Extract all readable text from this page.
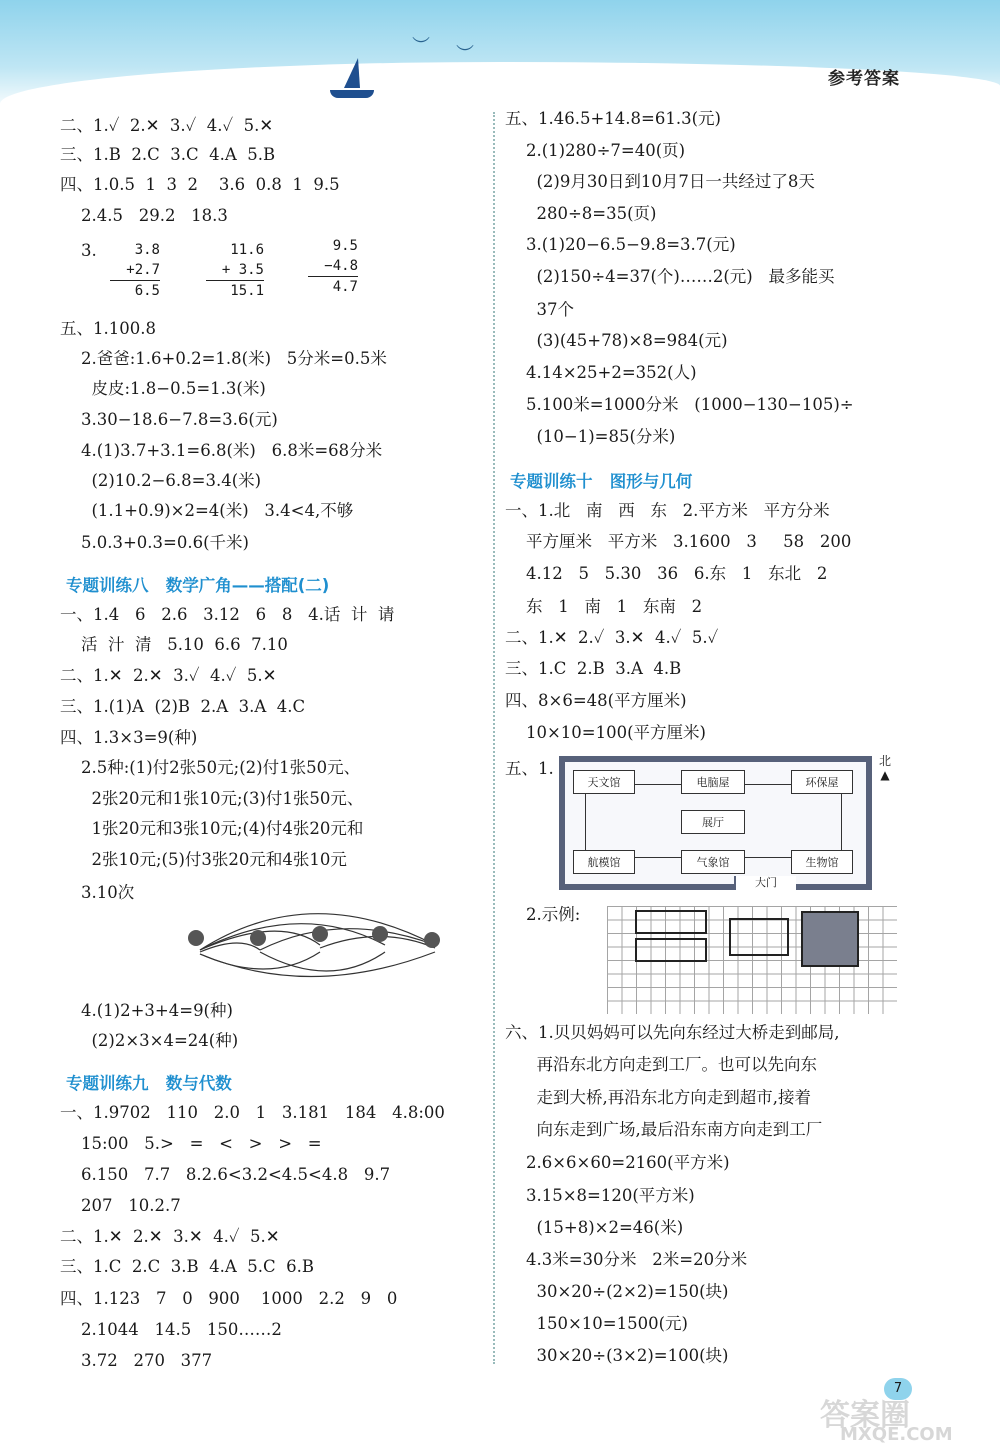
︶ ︶
参考答案
二、1.✓  2.✕  3.✓  4.✓  5.✕
三、1.B  2.C  3.C  4.A  5.B
四、1.0.5  1  3  2    3.6  0.8  1  9.5
2.4.5   29.2   18.3
3.	3.8
+2.7
6.5
11.6
+ 3.5
15.1
9.5
−4.8
4.7
五、1.100.8
2.爸爸:1.6+0.2=1.8(米)   5分米=0.5米
皮皮:1.8−0.5=1.3(米)
3.30−18.6−7.8=3.6(元)
4.(1)3.7+3.1=6.8(米)   6.8米=68分米
(2)10.2−6.8=3.4(米)
(1.1+0.9)×2=4(米)   3.4<4,不够
5.0.3+0.3=0.6(千米)
专题训练八   数学广角——搭配(二)
一、1.4   6   2.6   3.12   6   8   4.话  计  请
活  汁  清   5.10  6.6  7.10
二、1.✕  2.✕  3.✓  4.✓  5.✕
三、1.(1)A  (2)B  2.A  3.A  4.C
四、1.3×3=9(种)
2.5种:(1)付2张50元;(2)付1张50元、
2张20元和1张10元;(3)付1张50元、
1张20元和3张10元;(4)付4张20元和
2张10元;(5)付3张20元和4张10元
3.10次
4.(1)2+3+4=9(种)
(2)2×3×4=24(种)
专题训练九   数与代数
一、1.9702   110   2.0   1   3.181   184   4.8:00
15:00   5.>   =   <   >   >   =
6.150   7.7   8.2.6<3.2<4.5<4.8   9.7
207   10.2.7
二、1.✕  2.✕  3.✕  4.✓  5.✕
三、1.C  2.C  3.B  4.A  5.C  6.B
四、1.123   7   0   900    1000   2.2   9   0
2.1044   14.5   150……2
3.72   270   377
五、1.46.5+14.8=61.3(元)
2.(1)280÷7=40(页)
(2)9月30日到10月7日一共经过了8天
280÷8=35(页)
3.(1)20−6.5−9.8=3.7(元)
(2)150÷4=37(个)……2(元)   最多能买
37个
(3)(45+78)×8=984(元)
4.14×25+2=352(人)
5.100米=1000分米   (1000−130−105)÷
(10−1)=85(分米)
专题训练十   图形与几何
一、1.北   南   西   东   2.平方米   平方分米
平方厘米   平方米   3.1600   3     58   200
4.12   5   5.30   36   6.东   1   东北   2
东   1   南   1   东南   2
二、1.✕  2.✓  3.✕  4.✓  5.✓
三、1.C  2.B  3.A  4.B
四、8×6=48(平方厘米)
10×10=100(平方厘米)
五、1.
天文馆	电脑屋	环保屋
展厅
航模馆	气象馆	生物馆
大门
北
▲
2.示例:
六、1.贝贝妈妈可以先向东经过大桥走到邮局,
再沿东北方向走到工厂。也可以先向东
走到大桥,再沿东北方向走到超市,接着
向东走到广场,最后沿东南方向走到工厂
2.6×6×60=2160(平方米)
3.15×8=120(平方米)
(15+8)×2=46(米)
4.3米=30分米   2米=20分米
30×20÷(2×2)=150(块)
150×10=1500(元)
30×20÷(3×2)=100(块)
7
答案圈
MXQE.COM
